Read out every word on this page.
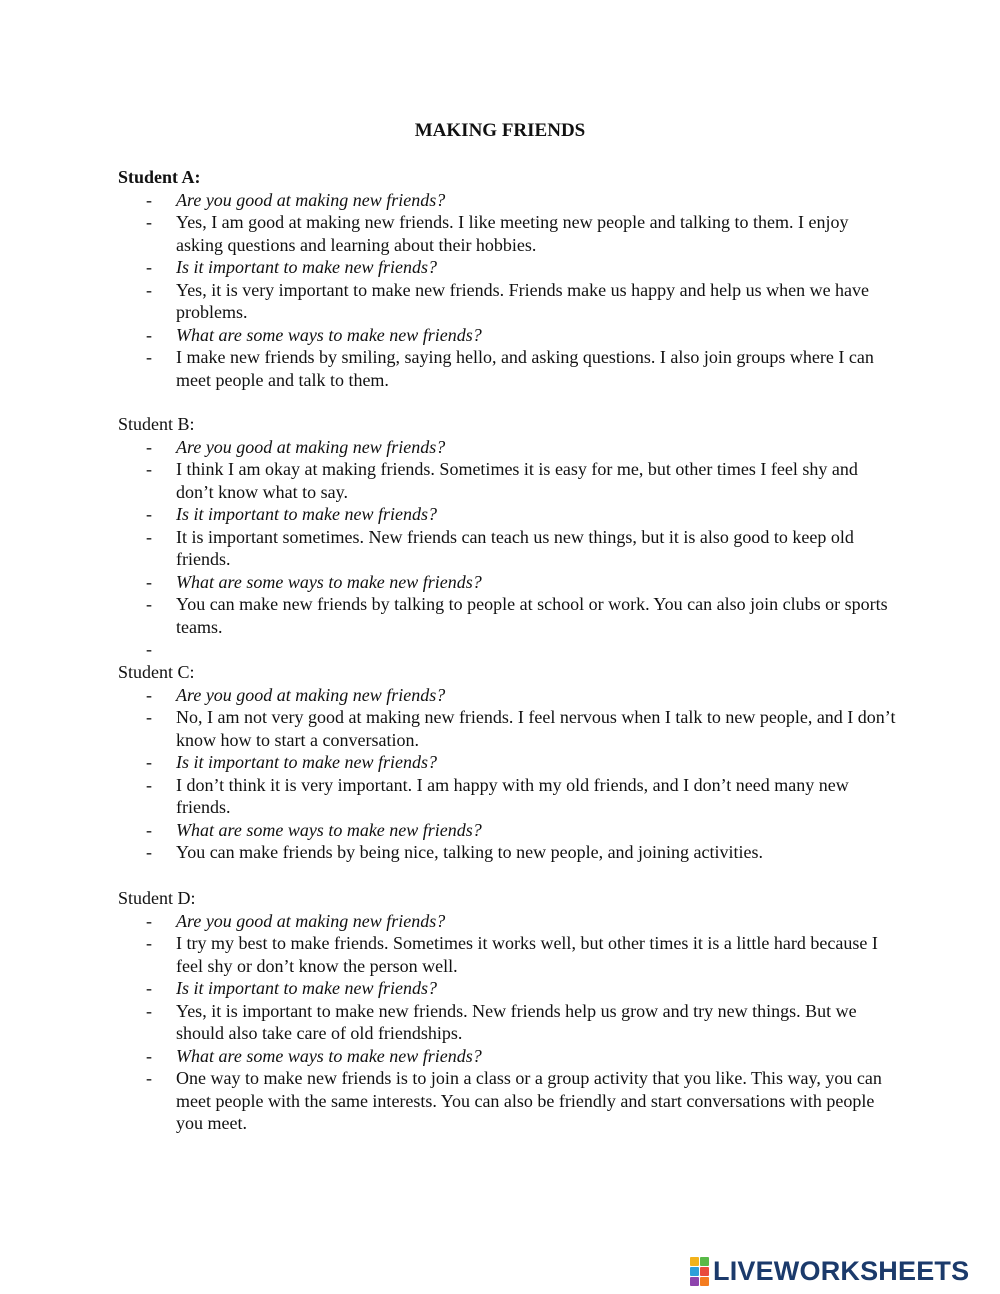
MAKING FRIENDS
Student A:
- Are you good at making new friends?
- Yes, I am good at making new friends. I like meeting new people and talking to them. I enjoy asking questions and learning about their hobbies.
- Is it important to make new friends?
- Yes, it is very important to make new friends. Friends make us happy and help us when we have problems.
- What are some ways to make new friends?
- I make new friends by smiling, saying hello, and asking questions. I also join groups where I can meet people and talk to them.
Student B:
- Are you good at making new friends?
- I think I am okay at making friends. Sometimes it is easy for me, but other times I feel shy and don’t know what to say.
- Is it important to make new friends?
- It is important sometimes. New friends can teach us new things, but it is also good to keep old friends.
- What are some ways to make new friends?
- You can make new friends by talking to people at school or work. You can also join clubs or sports teams.
-
Student C:
- Are you good at making new friends?
- No, I am not very good at making new friends. I feel nervous when I talk to new people, and I don’t know how to start a conversation.
- Is it important to make new friends?
- I don’t think it is very important. I am happy with my old friends, and I don’t need many new friends.
- What are some ways to make new friends?
- You can make friends by being nice, talking to new people, and joining activities.
Student D:
- Are you good at making new friends?
- I try my best to make friends. Sometimes it works well, but other times it is a little hard because I feel shy or don’t know the person well.
- Is it important to make new friends?
- Yes, it is important to make new friends. New friends help us grow and try new things. But we should also take care of old friendships.
- What are some ways to make new friends?
- One way to make new friends is to join a class or a group activity that you like. This way, you can meet people with the same interests. You can also be friendly and start conversations with people you meet.
LIVEWORKSHEETS
